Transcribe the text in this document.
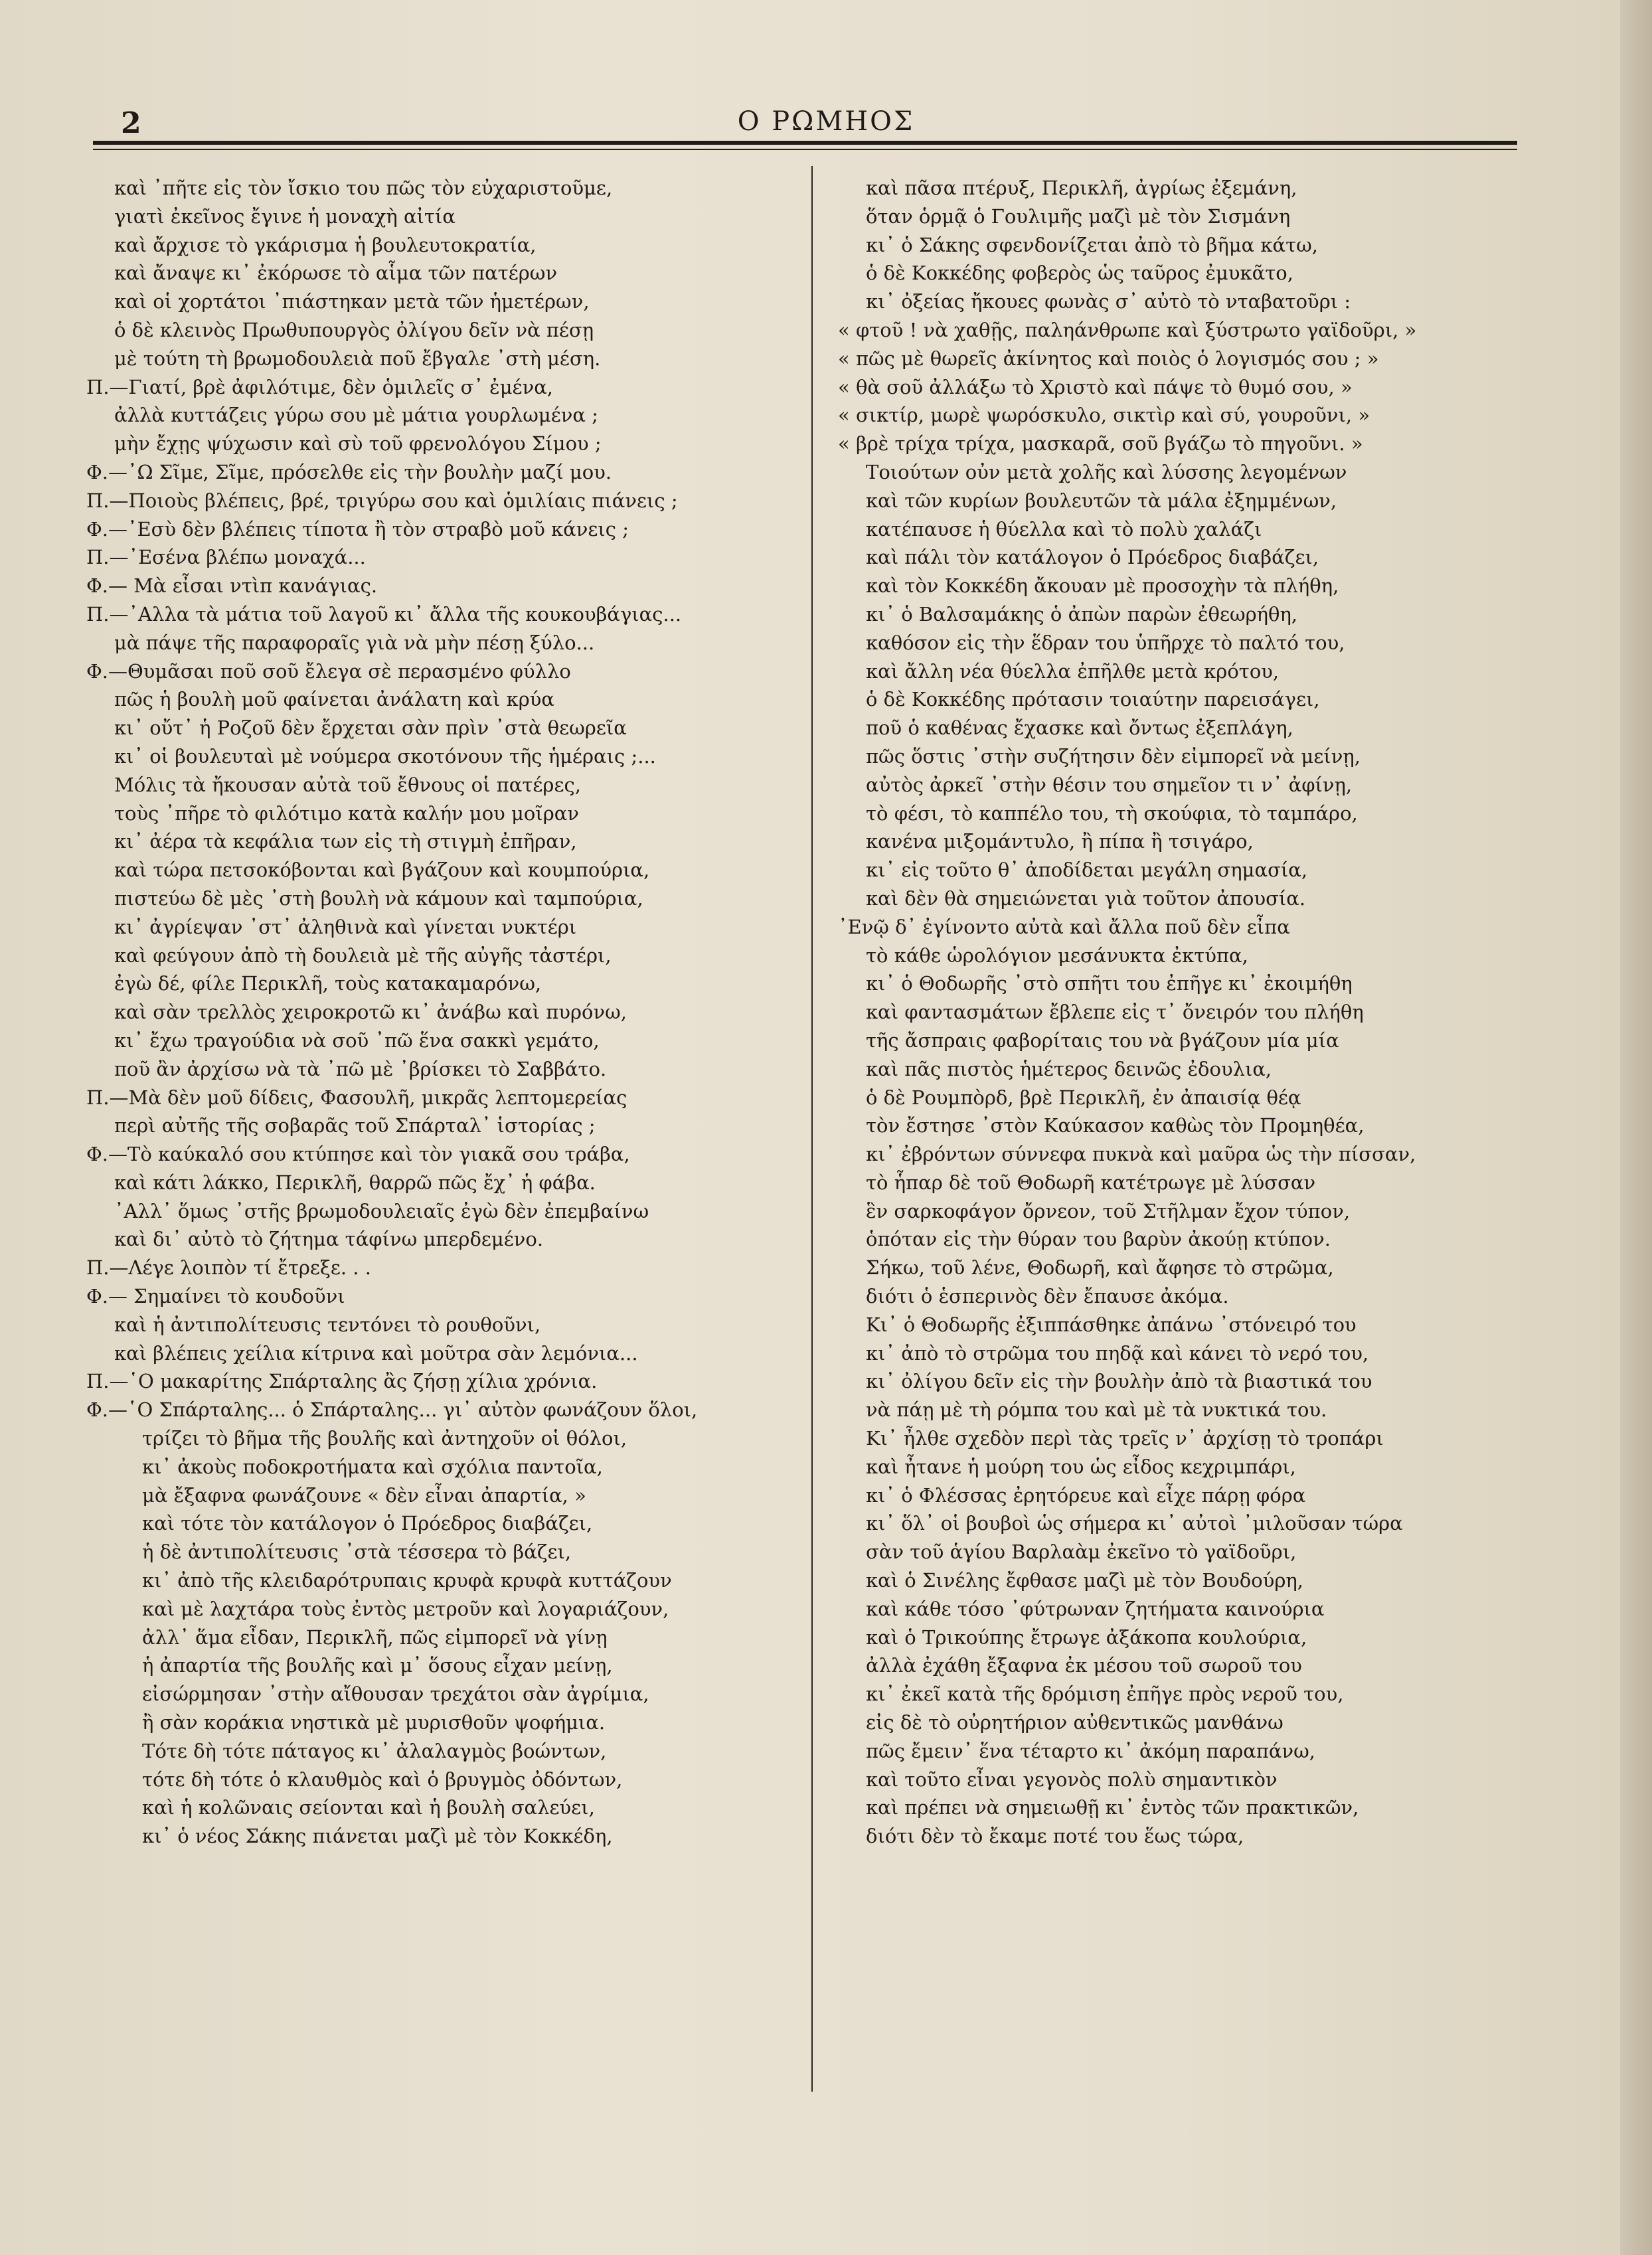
2	Ο ΡΩΜΗΟΣ
καὶ ᾿πῆτε εἰς τὸν ἴσκιο του πῶς τὸν εὐχαριστοῦμε,
γιατὶ ἐκεῖνος ἔγινε ἡ μοναχὴ αἰτία
καὶ ἄρχισε τὸ γκάρισμα ἡ βουλευτοκρατία,
καὶ ἄναψε κι᾿ ἐκόρωσε τὸ αἷμα τῶν πατέρων
καὶ οἱ χορτάτοι ᾿πιάστηκαν μετὰ τῶν ἡμετέρων,
ὁ δὲ κλεινὸς Πρωθυπουργὸς ὀλίγου δεῖν νὰ πέσῃ
μὲ τούτη τὴ βρωμοδουλειὰ ποῦ ἔβγαλε ᾿στὴ μέση.
Π.—Γιατί, βρὲ ἀφιλότιμε, δὲν ὁμιλεῖς σ᾿ ἐμένα,
ἀλλὰ κυττάζεις γύρω σου μὲ μάτια γουρλωμένα ;
μὴν ἔχῃς ψύχωσιν καὶ σὺ τοῦ φρενολόγου Σίμου ;
Φ.—᾿Ω Σῖμε, Σῖμε, πρόσελθε εἰς τὴν βουλὴν μαζί μου.
Π.—Ποιοὺς βλέπεις, βρέ, τριγύρω σου καὶ ὁμιλίαις πιάνεις ;
Φ.—᾿Εσὺ δὲν βλέπεις τίποτα ἢ τὸν στραβὸ μοῦ κάνεις ;
Π.—᾿Εσένα βλέπω μοναχά...
Φ.— Μὰ εἶσαι ντὶπ κανάγιας.
Π.—᾿Αλλα τὰ μάτια τοῦ λαγοῦ κι᾿ ἄλλα τῆς κουκουβάγιας...
μὰ πάψε τῆς παραφοραῖς γιὰ νὰ μὴν πέσῃ ξύλο...
Φ.—Θυμᾶσαι ποῦ σοῦ ἔλεγα σὲ περασμένο φύλλο
πῶς ἡ βουλὴ μοῦ φαίνεται ἀνάλατη καὶ κρύα
κι᾿ οὔτ᾿ ἡ Ροζοῦ δὲν ἔρχεται σὰν πρὶν ᾿στὰ θεωρεῖα
κι᾿ οἱ βουλευταὶ μὲ νούμερα σκοτόνουν τῆς ἡμέραις ;...
Μόλις τὰ ἤκουσαν αὐτὰ τοῦ ἔθνους οἱ πατέρες,
τοὺς ᾿πῆρε τὸ φιλότιμο κατὰ καλήν μου μοῖραν
κι᾿ ἀέρα τὰ κεφάλια των εἰς τὴ στιγμὴ ἐπῆραν,
καὶ τώρα πετσοκόβονται καὶ βγάζουν καὶ κουμπούρια,
πιστεύω δὲ μὲς ᾿στὴ βουλὴ νὰ κάμουν καὶ ταμπούρια,
κι᾿ ἀγρίεψαν ᾿στ᾿ ἀληθινὰ καὶ γίνεται νυκτέρι
καὶ φεύγουν ἀπὸ τὴ δουλειὰ μὲ τῆς αὐγῆς τἀστέρι,
ἐγὼ δέ, φίλε Περικλῆ, τοὺς κατακαμαρόνω,
καὶ σὰν τρελλὸς χειροκροτῶ κι᾿ ἀνάβω καὶ πυρόνω,
κι᾿ ἔχω τραγούδια νὰ σοῦ ᾿πῶ ἕνα σακκὶ γεμάτο,
ποῦ ἂν ἀρχίσω νὰ τὰ ᾿πῶ μὲ ᾿βρίσκει τὸ Σαββάτο.
Π.—Μὰ δὲν μοῦ δίδεις, Φασουλῆ, μικρᾶς λεπτομερείας
περὶ αὐτῆς τῆς σοβαρᾶς τοῦ Σπάρταλ᾿ ἱστορίας ;
Φ.—Τὸ καύκαλό σου κτύπησε καὶ τὸν γιακᾶ σου τράβα,
καὶ κάτι λάκκο, Περικλῆ, θαρρῶ πῶς ἔχ᾿ ἡ φάβα.
᾿Αλλ᾿ ὅμως ᾿στῆς βρωμοδουλειαῖς ἐγὼ δὲν ἐπεμβαίνω
καὶ δι᾿ αὐτὸ τὸ ζήτημα τάφίνω μπερδεμένο.
Π.—Λέγε λοιπὸν τί ἔτρεξε. . .
Φ.— Σημαίνει τὸ κουδοῦνι
καὶ ἡ ἀντιπολίτευσις τεντόνει τὸ ρουθοῦνι,
καὶ βλέπεις χείλια κίτρινα καὶ μοῦτρα σὰν λεμόνια...
Π.—῾Ο μακαρίτης Σπάρταλης ἂς ζήσῃ χίλια χρόνια.
Φ.—῾Ο Σπάρταλης... ὁ Σπάρταλης... γι᾿ αὐτὸν φωνάζουν ὅλοι,
τρίζει τὸ βῆμα τῆς βουλῆς καὶ ἀντηχοῦν οἱ θόλοι,
κι᾿ ἀκοὺς ποδοκροτήματα καὶ σχόλια παντοῖα,
μὰ ἔξαφνα φωνάζουνε « δὲν εἶναι ἀπαρτία, »
καὶ τότε τὸν κατάλογον ὁ Πρόεδρος διαβάζει,
ἡ δὲ ἀντιπολίτευσις ᾿στὰ τέσσερα τὸ βάζει,
κι᾿ ἀπὸ τῆς κλειδαρότρυπαις κρυφὰ κρυφὰ κυττάζουν
καὶ μὲ λαχτάρα τοὺς ἐντὸς μετροῦν καὶ λογαριάζουν,
ἀλλ᾿ ἅμα εἶδαν, Περικλῆ, πῶς εἰμπορεῖ νὰ γίνῃ
ἡ ἀπαρτία τῆς βουλῆς καὶ μ᾿ ὅσους εἶχαν μείνῃ,
εἰσώρμησαν ᾿στὴν αἴθουσαν τρεχάτοι σὰν ἀγρίμια,
ἢ σὰν κοράκια νηστικὰ μὲ μυρισθοῦν ψοφήμια.
Τότε δὴ τότε πάταγος κι᾿ ἀλαλαγμὸς βοώντων,
τότε δὴ τότε ὁ κλαυθμὸς καὶ ὁ βρυγμὸς ὀδόντων,
καὶ ἡ κολῶναις σείονται καὶ ἡ βουλὴ σαλεύει,
κι᾿ ὁ νέος Σάκης πιάνεται μαζὶ μὲ τὸν Κοκκέδη,
καὶ πᾶσα πτέρυξ, Περικλῆ, ἀγρίως ἐξεμάνη,
ὅταν ὁρμᾷ ὁ Γουλιμῆς μαζὶ μὲ τὸν Σισμάνη
κι᾿ ὁ Σάκης σφενδονίζεται ἀπὸ τὸ βῆμα κάτω,
ὁ δὲ Κοκκέδης φοβερὸς ὡς ταῦρος ἐμυκᾶτο,
κι᾿ ὀξείας ἤκουες φωνὰς σ᾿ αὐτὸ τὸ νταβατοῦρι :
« φτοῦ ! νὰ χαθῇς, παληάνθρωπε καὶ ξύστρωτο γαϊδοῦρι, »
« πῶς μὲ θωρεῖς ἀκίνητος καὶ ποιὸς ὁ λογισμός σου ; »
« θὰ σοῦ ἀλλάξω τὸ Χριστὸ καὶ πάψε τὸ θυμό σου, »
« σικτίρ, μωρὲ ψωρόσκυλο, σικτὶρ καὶ σύ, γουροῦνι, »
« βρὲ τρίχα τρίχα, μασκαρᾶ, σοῦ βγάζω τὸ πηγοῦνι. »
Τοιούτων οὐν μετὰ χολῆς καὶ λύσσης λεγομένων
καὶ τῶν κυρίων βουλευτῶν τὰ μάλα ἐξημμένων,
κατέπαυσε ἡ θύελλα καὶ τὸ πολὺ χαλάζι
καὶ πάλι τὸν κατάλογον ὁ Πρόεδρος διαβάζει,
καὶ τὸν Κοκκέδη ἄκουαν μὲ προσοχὴν τὰ πλήθη,
κι᾿ ὁ Βαλσαμάκης ὁ ἀπὼν παρὼν ἐθεωρήθη,
καθόσον εἰς τὴν ἕδραν του ὑπῆρχε τὸ παλτό του,
καὶ ἄλλη νέα θύελλα ἐπῆλθε μετὰ κρότου,
ὁ δὲ Κοκκέδης πρότασιν τοιαύτην παρεισάγει,
ποῦ ὁ καθένας ἔχασκε καὶ ὄντως ἐξεπλάγη,
πῶς ὅστις ᾿στὴν συζήτησιν δὲν εἰμπορεῖ νὰ μείνῃ,
αὐτὸς ἀρκεῖ ᾿στὴν θέσιν του σημεῖον τι ν᾿ ἀφίνῃ,
τὸ φέσι, τὸ καππέλο του, τὴ σκούφια, τὸ ταμπάρο,
κανένα μιξομάντυλο, ἢ πίπα ἢ τσιγάρο,
κι᾿ εἰς τοῦτο θ᾿ ἀποδίδεται μεγάλη σημασία,
καὶ δὲν θὰ σημειώνεται γιὰ τοῦτον ἀπουσία.
᾿Ενῷ δ᾿ ἐγίνοντο αὐτὰ καὶ ἄλλα ποῦ δὲν εἶπα
τὸ κάθε ὡρολόγιον μεσάνυκτα ἐκτύπα,
κι᾿ ὁ Θοδωρῆς ᾿στὸ σπῆτι του ἐπῆγε κι᾿ ἐκοιμήθη
καὶ φαντασμάτων ἔβλεπε εἰς τ᾿ ὄνειρόν του πλήθη
τῆς ἄσπραις φαβορίταις του νὰ βγάζουν μία μία
καὶ πᾶς πιστὸς ἡμέτερος δεινῶς ἐδουλια,
ὁ δὲ Ρουμπὸρδ, βρὲ Περικλῆ, ἐν ἀπαισίᾳ θέᾳ
τὸν ἔστησε ᾿στὸν Καύκασον καθὼς τὸν Προμηθέα,
κι᾿ ἐβρόντων σύννεφα πυκνὰ καὶ μαῦρα ὡς τὴν πίσσαν,
τὸ ἧπαρ δὲ τοῦ Θοδωρῆ κατέτρωγε μὲ λύσσαν
ἓν σαρκοφάγον ὄρνεον, τοῦ Στῆλμαν ἔχον τύπον,
ὁπόταν εἰς τὴν θύραν του βαρὺν ἀκούῃ κτύπον.
Σήκω, τοῦ λένε, Θοδωρῆ, καὶ ἄφησε τὸ στρῶμα,
διότι ὁ ἑσπερινὸς δὲν ἔπαυσε ἀκόμα.
Κι᾿ ὁ Θοδωρῆς ἐξιππάσθηκε ἀπάνω ᾿στόνειρό του
κι᾿ ἀπὸ τὸ στρῶμα του πηδᾷ καὶ κάνει τὸ νερό του,
κι᾿ ὀλίγου δεῖν εἰς τὴν βουλὴν ἀπὸ τὰ βιαστικά του
νὰ πάῃ μὲ τὴ ρόμπα του καὶ μὲ τὰ νυκτικά του.
Κι᾿ ἦλθε σχεδὸν περὶ τὰς τρεῖς ν᾿ ἀρχίσῃ τὸ τροπάρι
καὶ ἦτανε ἡ μούρη του ὡς εἶδος κεχριμπάρι,
κι᾿ ὁ Φλέσσας ἐρητόρευε καὶ εἶχε πάρῃ φόρα
κι᾿ ὅλ᾿ οἱ βουβοὶ ὡς σήμερα κι᾿ αὐτοὶ ᾿μιλοῦσαν τώρα
σὰν τοῦ ἁγίου Βαρλαὰμ ἐκεῖνο τὸ γαϊδοῦρι,
καὶ ὁ Σινέλης ἔφθασε μαζὶ μὲ τὸν Βουδούρη,
καὶ κάθε τόσο ᾿φύτρωναν ζητήματα καινούρια
καὶ ὁ Τρικούπης ἔτρωγε ἀξάκοπα κουλούρια,
ἀλλὰ ἐχάθη ἔξαφνα ἐκ μέσου τοῦ σωροῦ του
κι᾿ ἐκεῖ κατὰ τῆς δρόμιση ἐπῆγε πρὸς νεροῦ του,
εἰς δὲ τὸ οὐρητήριον αὐθεντικῶς μανθάνω
πῶς ἔμειν᾿ ἕνα τέταρτο κι᾿ ἀκόμη παραπάνω,
καὶ τοῦτο εἶναι γεγονὸς πολὺ σημαντικὸν
καὶ πρέπει νὰ σημειωθῇ κι᾿ ἐντὸς τῶν πρακτικῶν,
διότι δὲν τὸ ἔκαμε ποτέ του ἕως τώρα,
